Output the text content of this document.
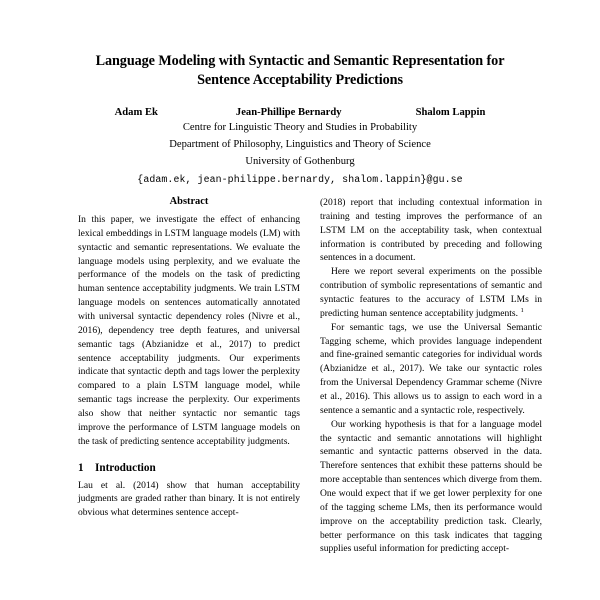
Language Modeling with Syntactic and Semantic Representation for Sentence Acceptability Predictions
Adam Ek	Jean-Phillipe Bernardy	Shalom Lappin
Centre for Linguistic Theory and Studies in Probability
Department of Philosophy, Linguistics and Theory of Science
University of Gothenburg
{adam.ek, jean-philippe.bernardy, shalom.lappin}@gu.se
Abstract

In this paper, we investigate the effect of enhancing lexical embeddings in LSTM language models (LM) with syntactic and semantic representations. We evaluate the language models using perplexity, and we evaluate the performance of the models on the task of predicting human sentence acceptability judgments. We train LSTM language models on sentences automatically annotated with universal syntactic dependency roles (Nivre et al., 2016), dependency tree depth features, and universal semantic tags (Abzianidze et al., 2017) to predict sentence acceptability judgments. Our experiments indicate that syntactic depth and tags lower the perplexity compared to a plain LSTM language model, while semantic tags increase the perplexity. Our experiments also show that neither syntactic nor semantic tags improve the performance of LSTM language models on the task of predicting sentence acceptability judgments.

1	Introduction

Lau et al. (2014) show that human acceptability judgments are graded rather than binary. It is not entirely obvious what determines sentence accept-

(2018) report that including contextual information in training and testing improves the performance of an LSTM LM on the acceptability task, when contextual information is contributed by preceding and following sentences in a document.

Here we report several experiments on the possible contribution of symbolic representations of semantic and syntactic features to the accuracy of LSTM LMs in predicting human sentence acceptability judgments. $^1$

For semantic tags, we use the Universal Semantic Tagging scheme, which provides language independent and fine-grained semantic categories for individual words (Abzianidze et al., 2017). We take our syntactic roles from the Universal Dependency Grammar scheme (Nivre et al., 2016). This allows us to assign to each word in a sentence a semantic and a syntactic role, respectively.

Our working hypothesis is that for a language model the syntactic and semantic annotations will highlight semantic and syntactic patterns observed in the data. Therefore sentences that exhibit these patterns should be more acceptable than sentences which diverge from them. One would expect that if we get lower perplexity for one of the tagging scheme LMs, then its performance would improve on the acceptability prediction task. Clearly, better performance on this task indicates that tagging supplies useful information for predicting accept-
